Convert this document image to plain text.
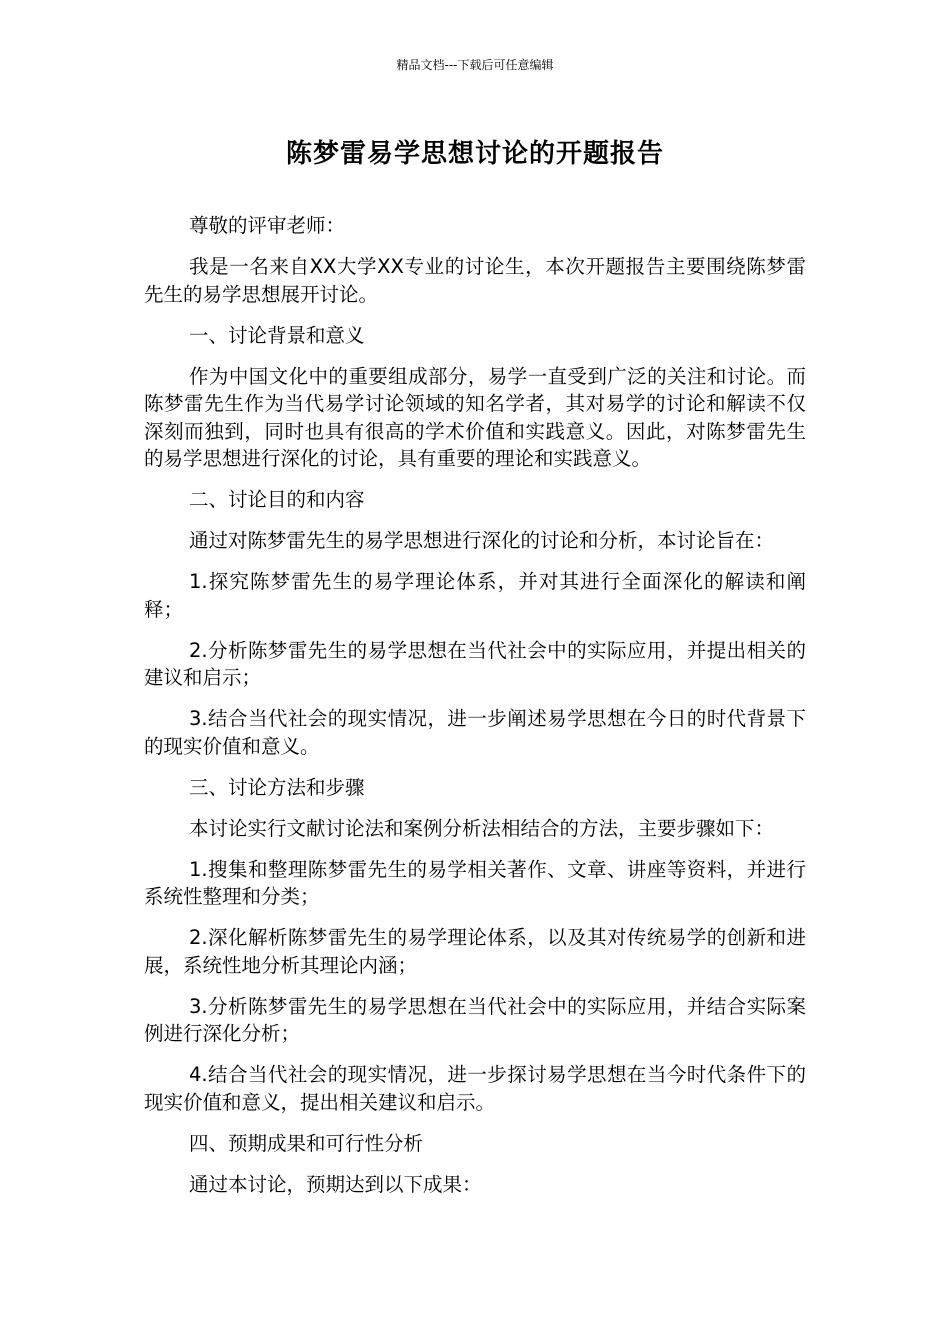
精品文档---下载后可任意编辑
陈梦雷易学思想讨论的开题报告

尊敬的评审老师：

我是一名来自XX大学XX专业的讨论生，本次开题报告主要围绕陈梦雷先生的易学思想展开讨论。

一、讨论背景和意义

作为中国文化中的重要组成部分，易学一直受到广泛的关注和讨论。而陈梦雷先生作为当代易学讨论领域的知名学者，其对易学的讨论和解读不仅深刻而独到，同时也具有很高的学术价值和实践意义。因此，对陈梦雷先生的易学思想进行深化的讨论，具有重要的理论和实践意义。

二、讨论目的和内容

通过对陈梦雷先生的易学思想进行深化的讨论和分析，本讨论旨在：

1.探究陈梦雷先生的易学理论体系，并对其进行全面深化的解读和阐释；

2.分析陈梦雷先生的易学思想在当代社会中的实际应用，并提出相关的建议和启示；

3.结合当代社会的现实情况，进一步阐述易学思想在今日的时代背景下的现实价值和意义。

三、讨论方法和步骤

本讨论实行文献讨论法和案例分析法相结合的方法，主要步骤如下：

1.搜集和整理陈梦雷先生的易学相关著作、文章、讲座等资料，并进行系统性整理和分类；

2.深化解析陈梦雷先生的易学理论体系，以及其对传统易学的创新和进展，系统性地分析其理论内涵；

3.分析陈梦雷先生的易学思想在当代社会中的实际应用，并结合实际案例进行深化分析；

4.结合当代社会的现实情况，进一步探讨易学思想在当今时代条件下的现实价值和意义，提出相关建议和启示。

四、预期成果和可行性分析

通过本讨论，预期达到以下成果：
